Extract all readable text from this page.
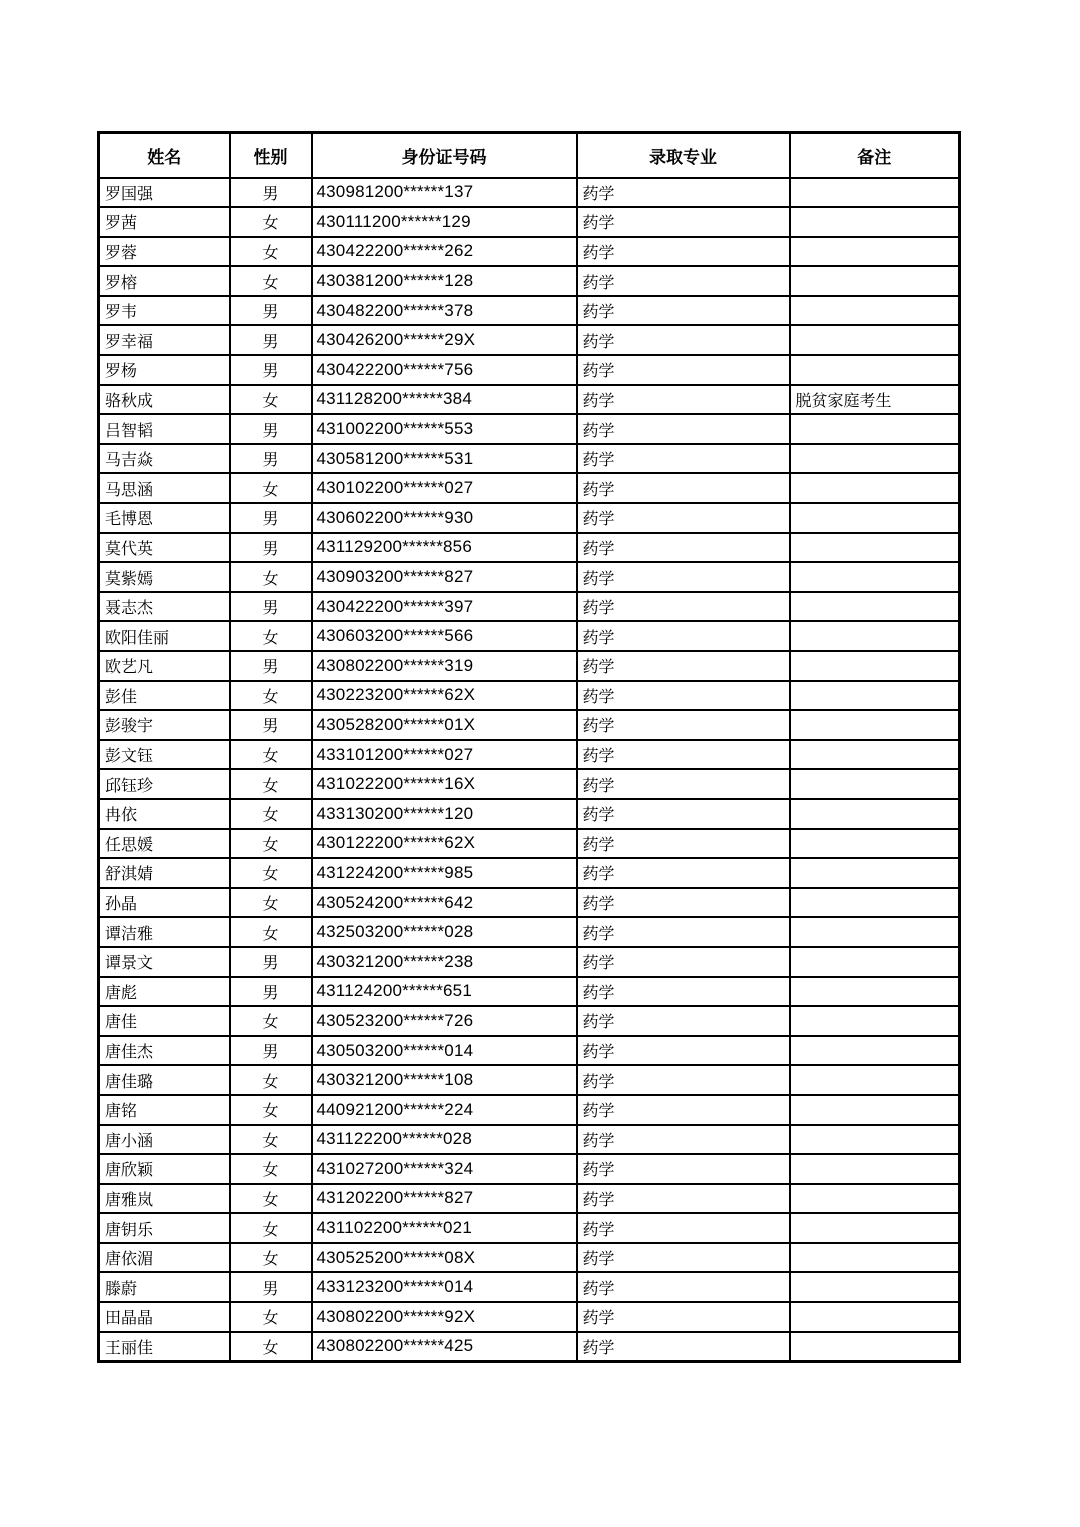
姓名	性别	身份证号码	录取专业	备注
罗国强	男	430981200******137	药学	
罗茜	女	430111200******129	药学	
罗蓉	女	430422200******262	药学	
罗榕	女	430381200******128	药学	
罗韦	男	430482200******378	药学	
罗幸福	男	430426200******29X	药学	
罗杨	男	430422200******756	药学	
骆秋成	女	431128200******384	药学	脱贫家庭考生
吕智韬	男	431002200******553	药学	
马吉焱	男	430581200******531	药学	
马思涵	女	430102200******027	药学	
毛博恩	男	430602200******930	药学	
莫代英	男	431129200******856	药学	
莫紫嫣	女	430903200******827	药学	
聂志杰	男	430422200******397	药学	
欧阳佳丽	女	430603200******566	药学	
欧艺凡	男	430802200******319	药学	
彭佳	女	430223200******62X	药学	
彭骏宇	男	430528200******01X	药学	
彭文钰	女	433101200******027	药学	
邱钰珍	女	431022200******16X	药学	
冉依	女	433130200******120	药学	
任思媛	女	430122200******62X	药学	
舒淇婧	女	431224200******985	药学	
孙晶	女	430524200******642	药学	
谭洁雅	女	432503200******028	药学	
谭景文	男	430321200******238	药学	
唐彪	男	431124200******651	药学	
唐佳	女	430523200******726	药学	
唐佳杰	男	430503200******014	药学	
唐佳璐	女	430321200******108	药学	
唐铭	女	440921200******224	药学	
唐小涵	女	431122200******028	药学	
唐欣颖	女	431027200******324	药学	
唐雅岚	女	431202200******827	药学	
唐钥乐	女	431102200******021	药学	
唐依湄	女	430525200******08X	药学	
滕蔚	男	433123200******014	药学	
田晶晶	女	430802200******92X	药学	
王丽佳	女	430802200******425	药学	
